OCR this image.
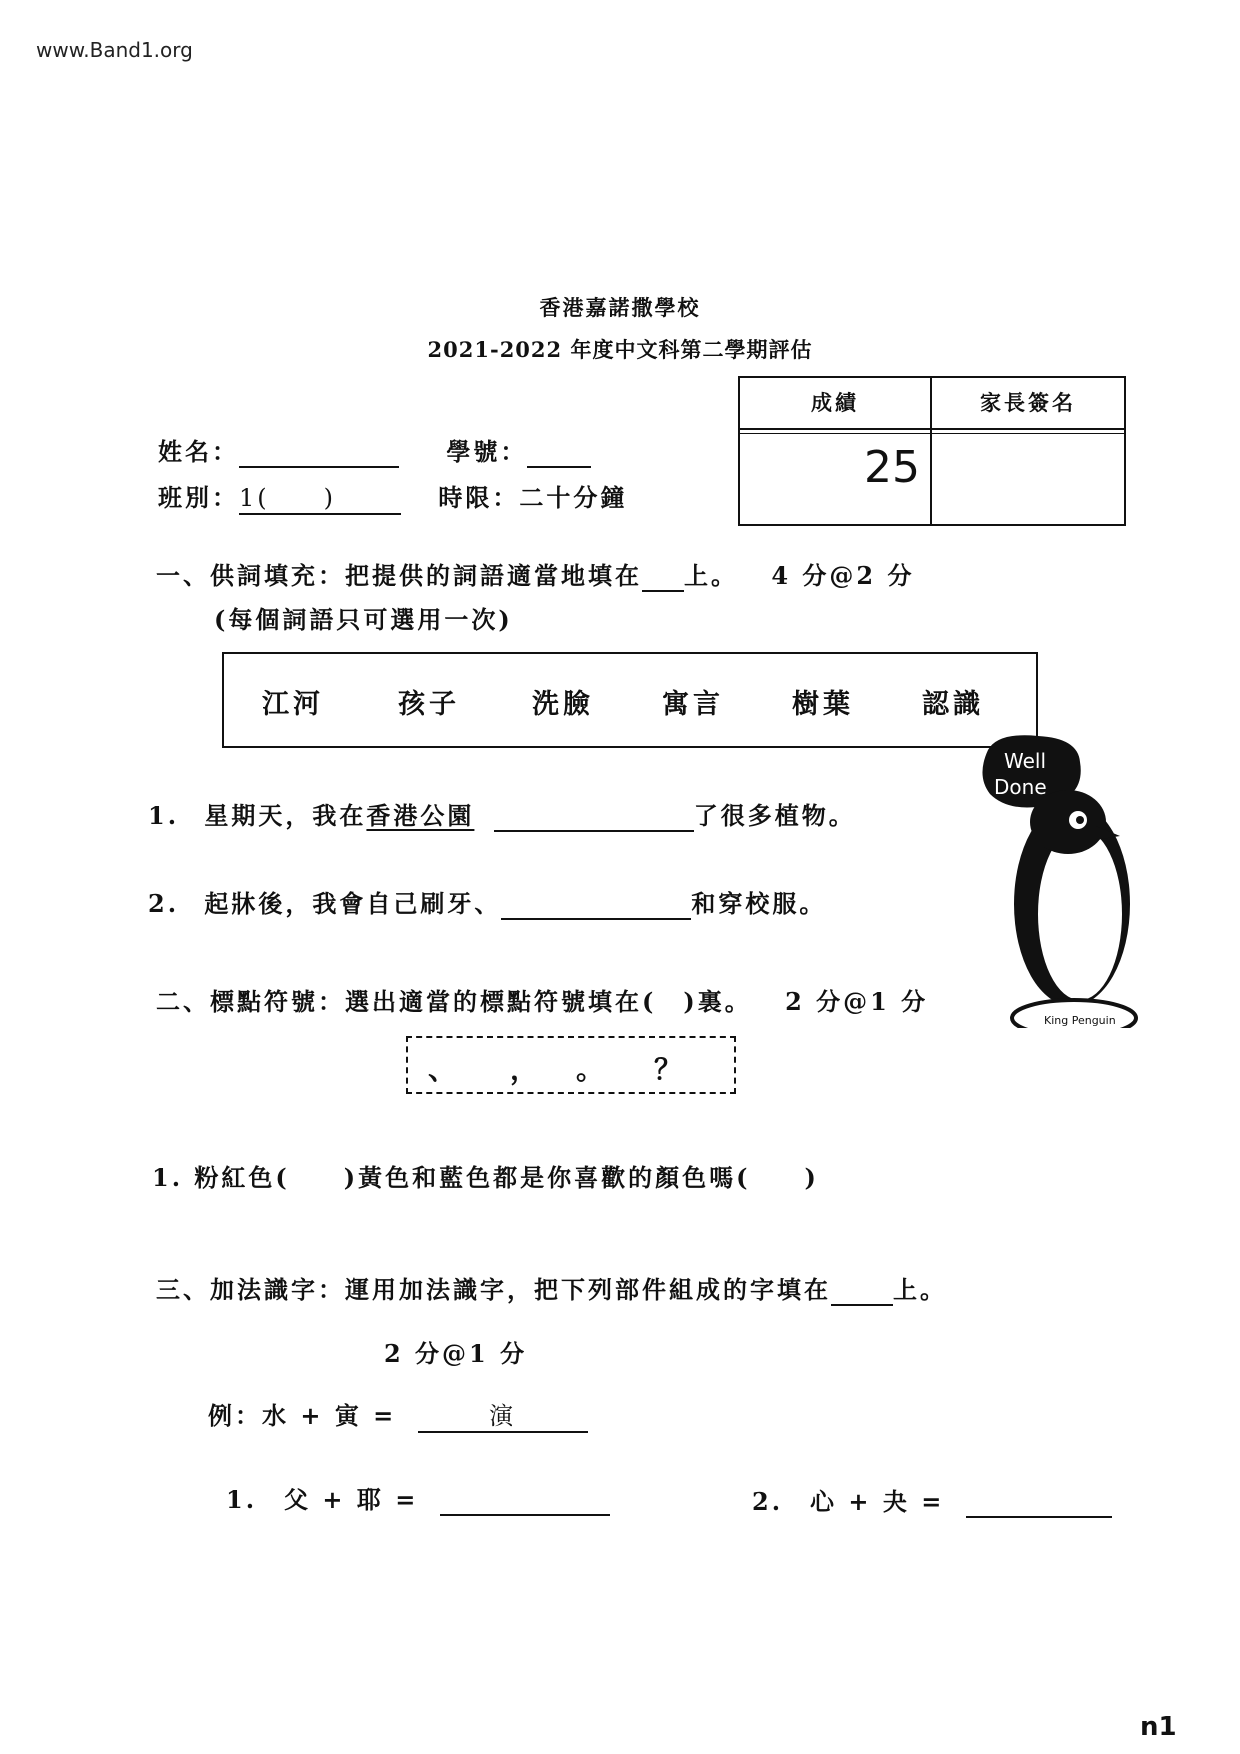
www.Band1.org
香港嘉諾撒學校
2021-2022 年度中文科第二學期評估
成績	家長簽名
25
姓名：	學號：
班別：1(　　)	時限：二十分鐘
一、供詞填充：把提供的詞語適當地填在 上。 4 分@2 分
(每個詞語只可選用一次)
江河	孩子	洗臉	寓言	樹葉	認識
1. 星期天，我在香港公園	了很多植物。
2. 起牀後，我會自己刷牙、	和穿校服。
二、標點符號：選出適當的標點符號填在(　)裏。 2 分@1 分
、 ， 。 ？
1. 粉紅色(　　)黃色和藍色都是你喜歡的顏色嗎(　　)
三、加法識字：運用加法識字，把下列部件組成的字填在	上。
2 分@1 分
例：水 + 寅 =	演
1.　父 + 耶 =	2.　心 + 夬 =
Well
Done
King Penguin
n1
